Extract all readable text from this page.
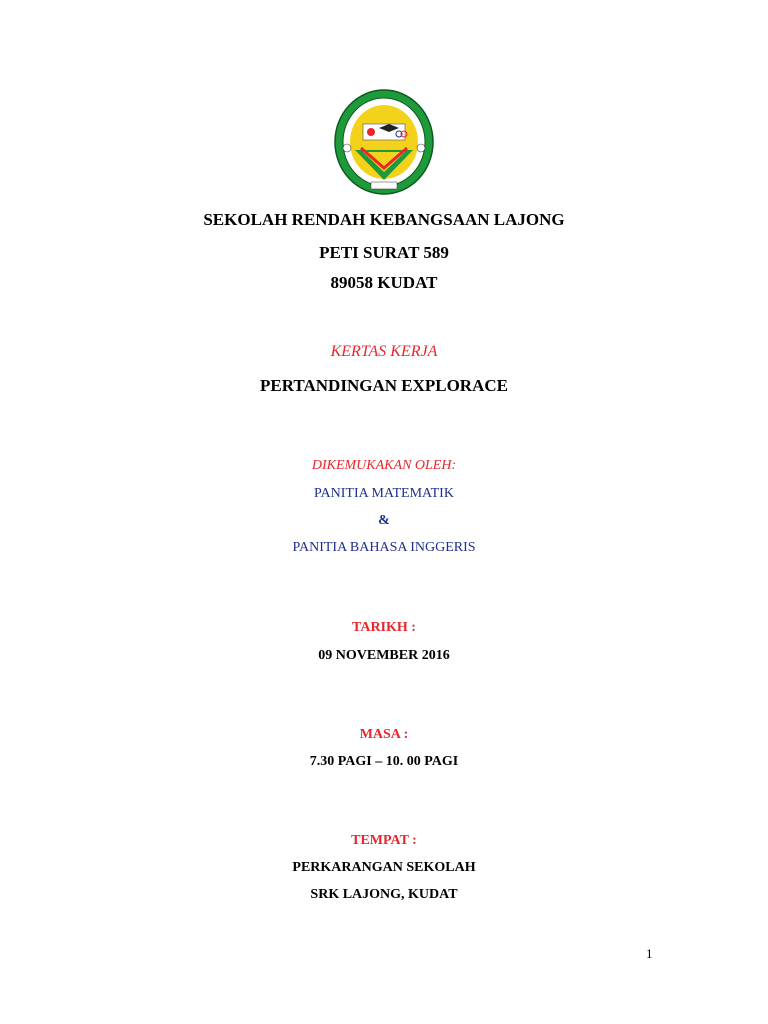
SEKOLAH RENDAH KEBANGSAAN LAJONG
PETI SURAT 589
89058 KUDAT
KERTAS KERJA
PERTANDINGAN EXPLORACE
DIKEMUKAKAN OLEH:
PANITIA MATEMATIK
&
PANITIA BAHASA INGGERIS
TARIKH :
09 NOVEMBER 2016
MASA :
7.30 PAGI – 10. 00 PAGI
TEMPAT :
PERKARANGAN SEKOLAH
SRK LAJONG, KUDAT
1
